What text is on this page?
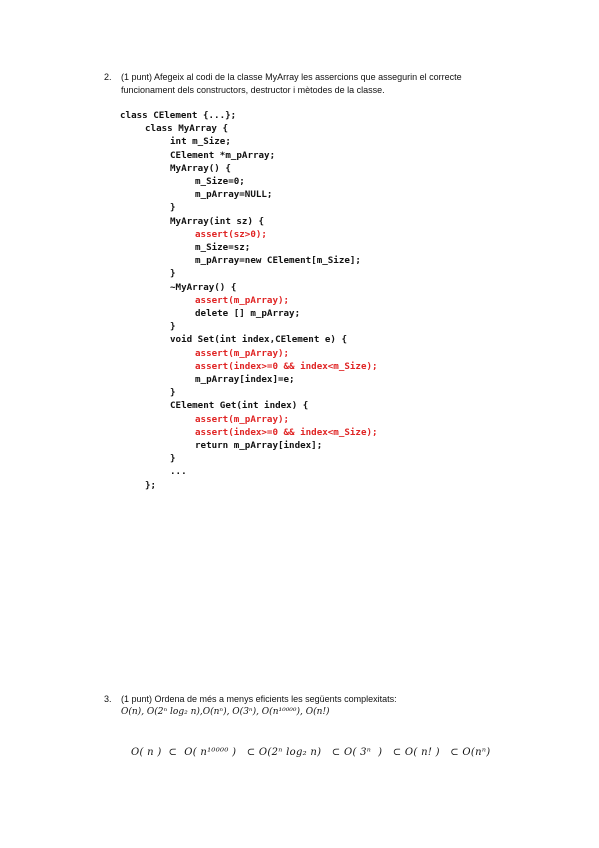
2. (1 punt) Afegeix al codi de la classe MyArray les assercions que assegurin el correcte
funcionament dels constructors, destructor i mètodes de la classe.
class CElement {...};
class MyArray {
int m_Size;
CElement *m_pArray;
MyArray() {
m_Size=0;
m_pArray=NULL;
}
MyArray(int sz) {
assert(sz>0);
m_Size=sz;
m_pArray=new CElement[m_Size];
}
~MyArray() {
assert(m_pArray);
delete [] m_pArray;
}
void Set(int index,CElement e) {
assert(m_pArray);
assert(index>=0 && index<m_Size);
m_pArray[index]=e;
}
CElement Get(int index) {
assert(m_pArray);
assert(index>=0 && index<m_Size);
return m_pArray[index];
}
...
};
3. (1 punt) Ordena de més a menys eficients les següents complexitats:
O(n), O(2ⁿ log₂ n),O(nⁿ), O(3ⁿ), O(n¹⁰⁰⁰⁰), O(n!)
O( n )  ⊂  O( n¹⁰⁰⁰⁰ )   ⊂ O(2ⁿ log₂ n)   ⊂ O( 3ⁿ  )   ⊂ O( n! )   ⊂ O(nⁿ)
